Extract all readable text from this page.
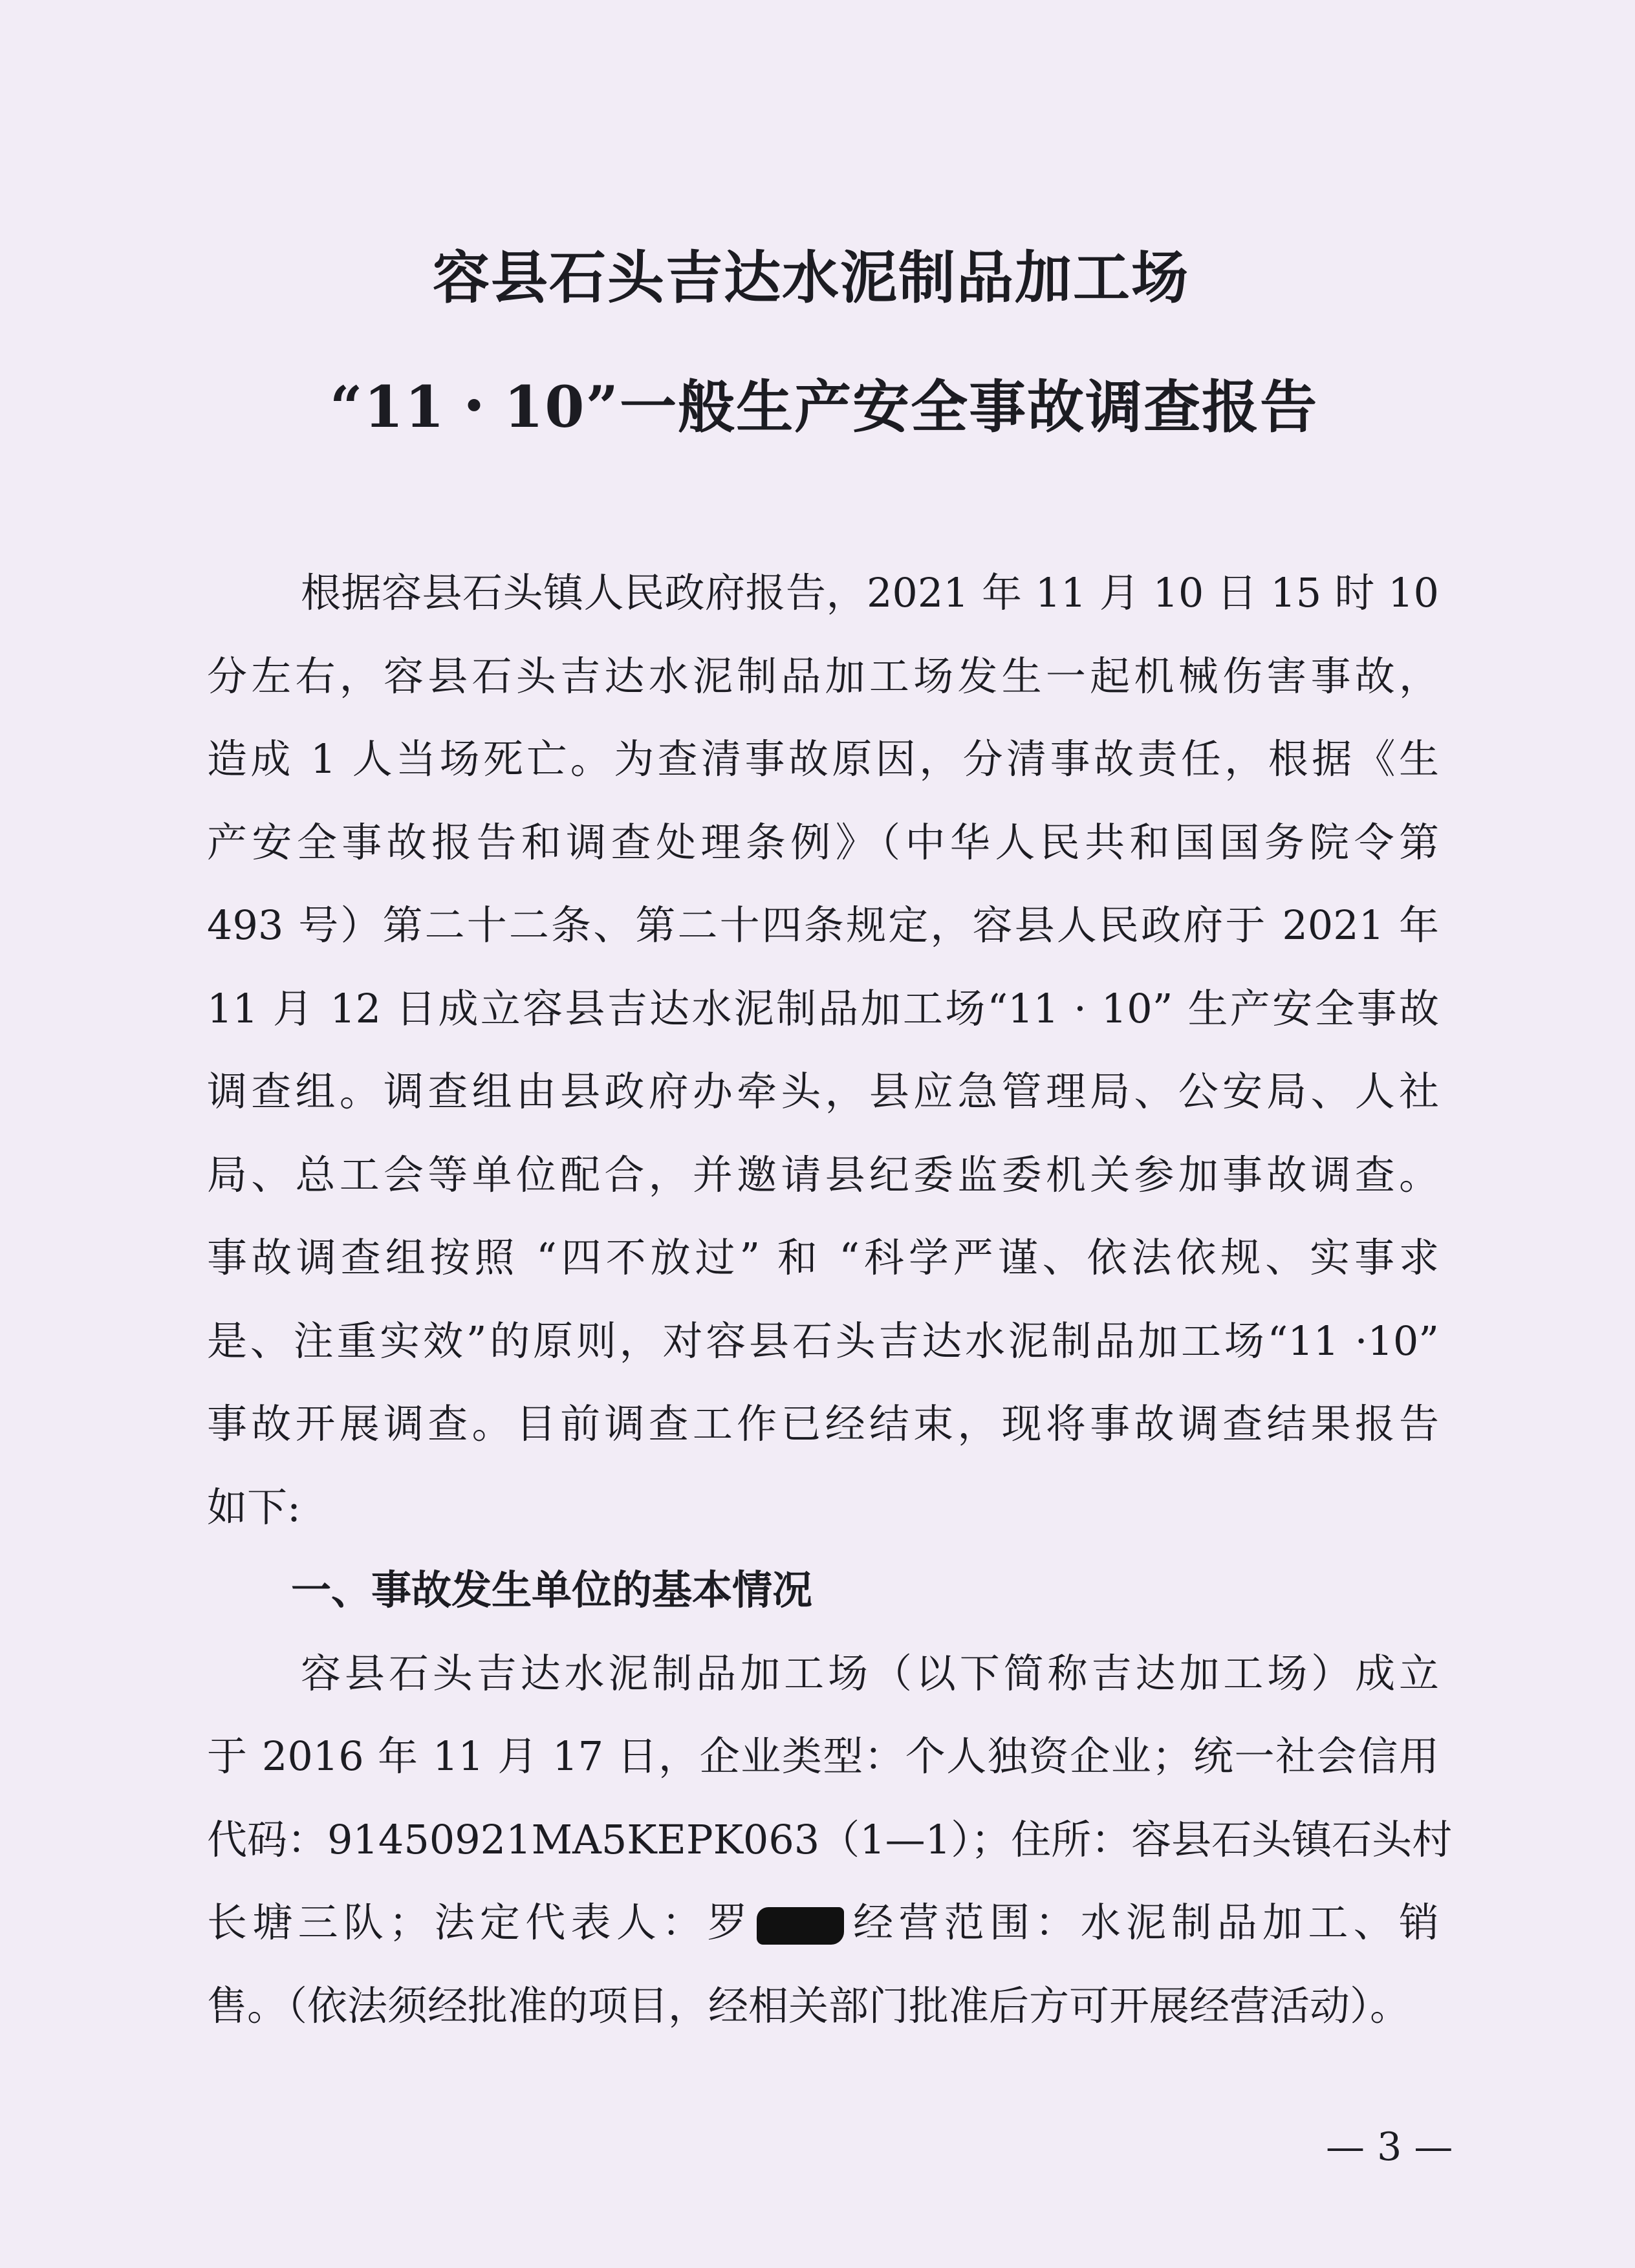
容县石头吉达水泥制品加工场
“11・10”一般生产安全事故调查报告
根据容县石头镇人民政府报告，2021 年 11 月 10 日 15 时 10
分左右，容县石头吉达水泥制品加工场发生一起机械伤害事故，
造成 1 人当场死亡。为查清事故原因，分清事故责任，根据《生
产安全事故报告和调查处理条例》（中华人民共和国国务院令第
493 号）第二十二条、第二十四条规定，容县人民政府于 2021 年
11 月 12 日成立容县吉达水泥制品加工场“11 · 10” 生产安全事故
调查组。调查组由县政府办牵头，县应急管理局、公安局、人社
局、总工会等单位配合，并邀请县纪委监委机关参加事故调查。
事故调查组按照 “四不放过” 和 “科学严谨、依法依规、实事求
是、注重实效”的原则，对容县石头吉达水泥制品加工场“11 ·10”
事故开展调查。目前调查工作已经结束，现将事故调查结果报告
如下:
一、事故发生单位的基本情况
容县石头吉达水泥制品加工场（以下简称吉达加工场）成立
于 2016 年 11 月 17 日，企业类型：个人独资企业；统一社会信用
代码：91450921MA5KEPK063（1—1）；住所：容县石头镇石头村
长塘三队；法定代表人：罗 经营范围：水泥制品加工、销
售。（依法须经批准的项目，经相关部门批准后方可开展经营活动）。
— 3 —
